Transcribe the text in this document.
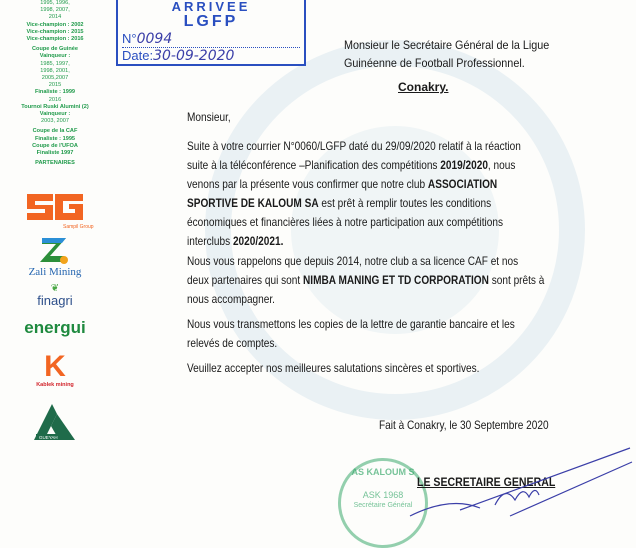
1995, 1996,
1998, 2007,
2014
Vice-champion : 2002
Vice-champion : 2015
Vice-champion : 2016
Coupe de Guinée
Vainqueur :
1985, 1997,
1998, 2001,
2005,2007
2015
Finaliste : 1999
2016
Tournoi Ruski Alumini (2)
Vainqueur :
2003, 2007
Coupe de la CAF
Finaliste : 1995
Coupe de l'UFOA
Finaliste 1997
PARTENAIRES
Sampil Group
Zali Mining
❦
finagri
energui
K
Kablek mining
GUEYAH
ARRIVEE
LGFP
N°0094
Date:30-09-2020
Monsieur le Secrétaire Général de la Ligue
Guinéenne de Football Professionnel.
Conakry.
Monsieur,
Suite à votre courrier N°0060/LGFP daté du 29/09/2020 relatif à la réaction
suite à la téléconférence –Planification des compétitions 2019/2020, nous
venons par la présente vous confirmer que notre club ASSOCIATION
SPORTIVE DE KALOUM SA est prêt à remplir toutes les conditions
économiques et financières liées à notre participation aux compétitions
interclubs 2020/2021.
Nous vous rappelons que depuis 2014, notre club a sa licence CAF et nos
deux partenaires qui sont NIMBA MANING ET TD CORPORATION sont prêts à
nous accompagner.
Nous vous transmettons les copies de la lettre de garantie bancaire et les
relevés de comptes.
Veuillez accepter nos meilleures salutations sincères et sportives.
Fait à Conakry, le 30 Septembre 2020
AS KALOUM S
ASK 1968
Secrétaire Général
LE SECRETAIRE GENERAL
